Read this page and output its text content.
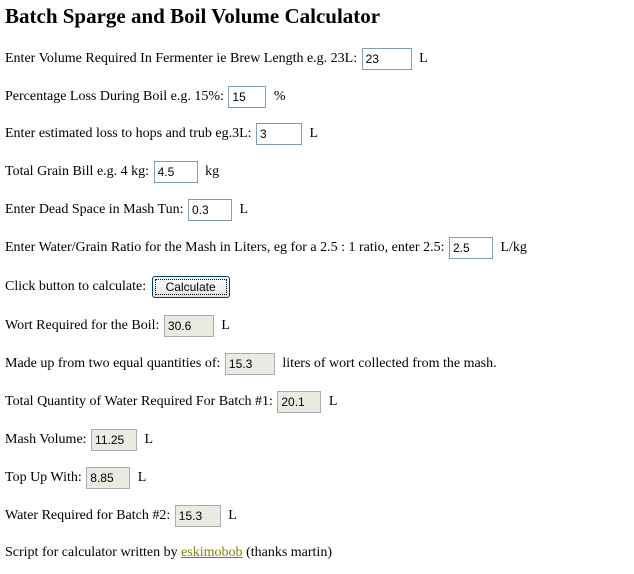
Batch Sparge and Boil Volume Calculator
Enter Volume Required In Fermenter ie Brew Length e.g. 23L: 23	L
Percentage Loss During Boil e.g. 15%: 15	%
Enter estimated loss to hops and trub eg.3L: 3	L
Total Grain Bill e.g. 4 kg: 4.5	kg
Enter Dead Space in Mash Tun: 0.3	L
Enter Water/Grain Ratio for the Mash in Liters, eg for a 2.5 : 1 ratio, enter 2.5: 2.5	L/kg
Click button to calculate: Calculate
Wort Required for the Boil: 30.6	L
Made up from two equal quantities of: 15.3	liters of wort collected from the mash.
Total Quantity of Water Required For Batch #1: 20.1	L
Mash Volume: 11.25	L
Top Up With: 8.85	L
Water Required for Batch #2: 15.3	L
Script for calculator written by eskimobob (thanks martin)
